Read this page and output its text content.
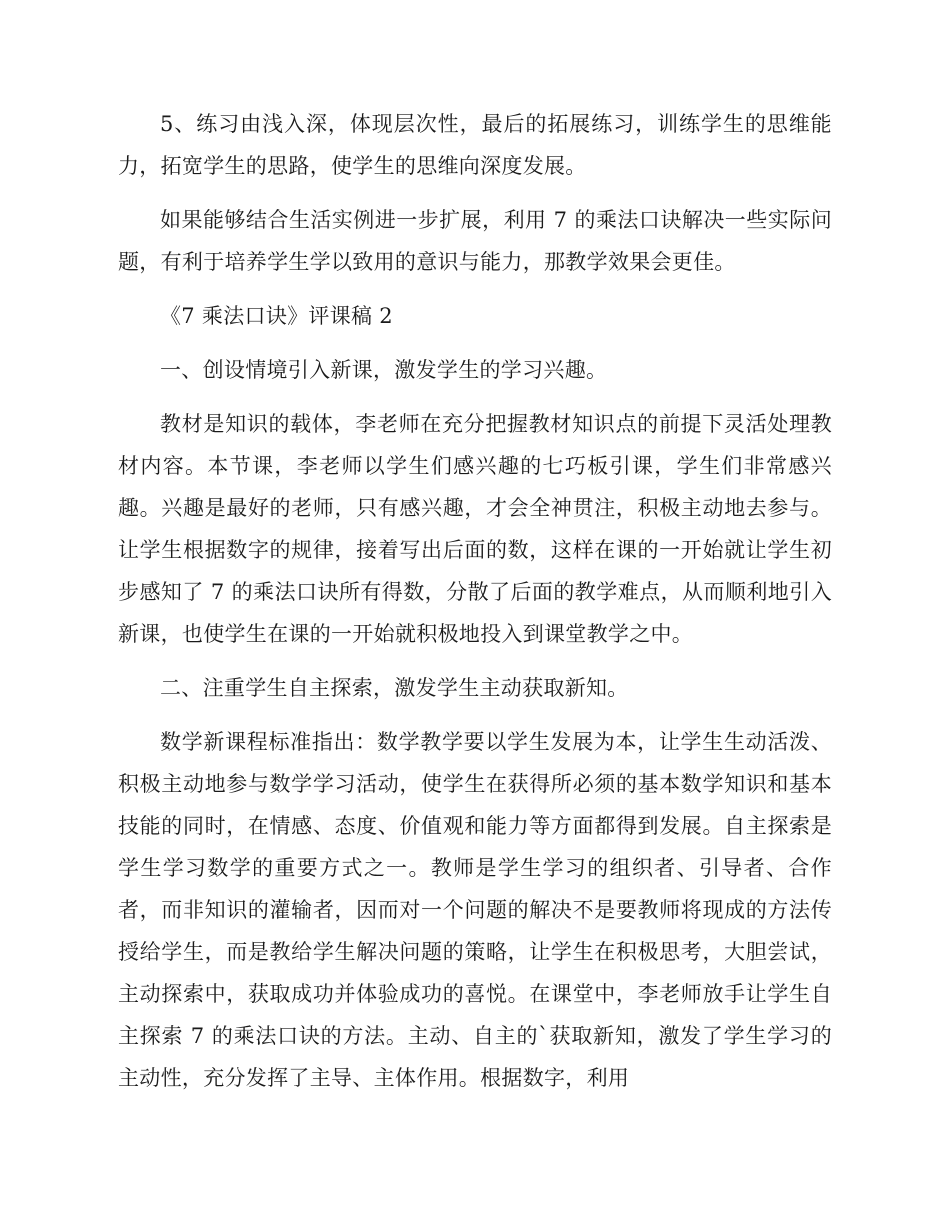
5、练习由浅入深，体现层次性，最后的拓展练习，训练学生的思维能力，拓宽学生的思路，使学生的思维向深度发展。

如果能够结合生活实例进一步扩展，利用 7 的乘法口诀解决一些实际问题，有利于培养学生学以致用的意识与能力，那教学效果会更佳。

《7 乘法口诀》评课稿 2

一、创设情境引入新课，激发学生的学习兴趣。

教材是知识的载体，李老师在充分把握教材知识点的前提下灵活处理教材内容。本节课，李老师以学生们感兴趣的七巧板引课，学生们非常感兴趣。兴趣是最好的老师，只有感兴趣，才会全神贯注，积极主动地去参与。让学生根据数字的规律，接着写出后面的数，这样在课的一开始就让学生初步感知了 7 的乘法口诀所有得数，分散了后面的教学难点，从而顺利地引入新课，也使学生在课的一开始就积极地投入到课堂教学之中。

二、注重学生自主探索，激发学生主动获取新知。

数学新课程标准指出：数学教学要以学生发展为本，让学生生动活泼、积极主动地参与数学学习活动，使学生在获得所必须的基本数学知识和基本技能的同时，在情感、态度、价值观和能力等方面都得到发展。自主探索是学生学习数学的重要方式之一。教师是学生学习的组织者、引导者、合作者，而非知识的灌输者，因而对一个问题的解决不是要教师将现成的方法传授给学生，而是教给学生解决问题的策略，让学生在积极思考，大胆尝试，主动探索中，获取成功并体验成功的喜悦。在课堂中，李老师放手让学生自主探索 7 的乘法口诀的方法。主动、自主的`获取新知，激发了学生学习的主动性，充分发挥了主导、主体作用。根据数字，利用
